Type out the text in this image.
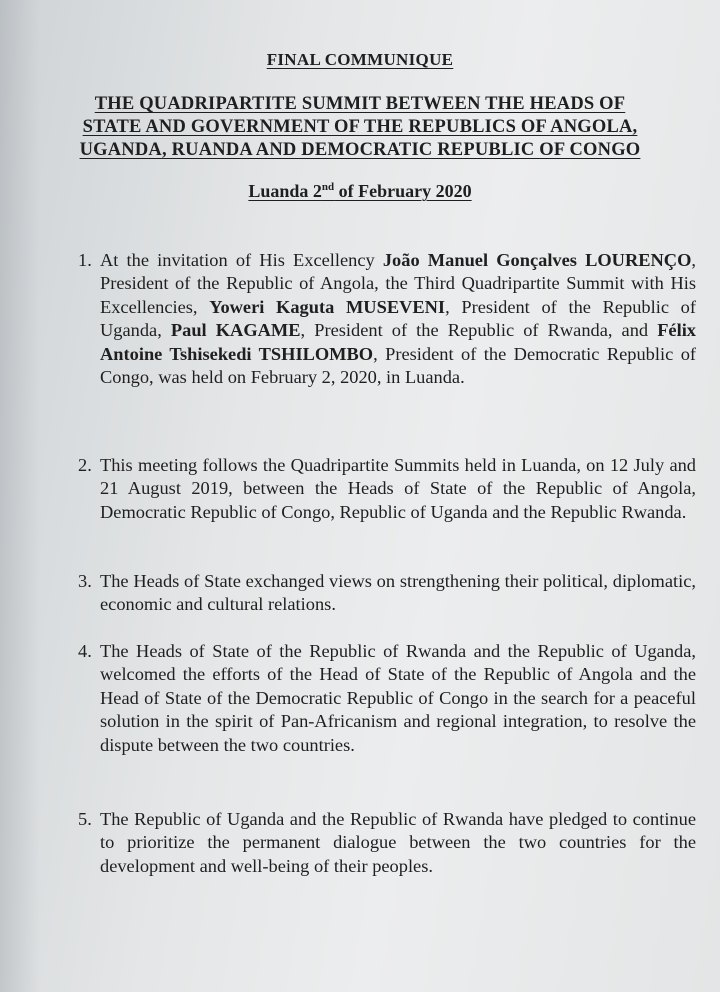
FINAL COMMUNIQUE
THE QUADRIPARTITE SUMMIT BETWEEN THE HEADS OF
STATE AND GOVERNMENT OF THE REPUBLICS OF ANGOLA,
UGANDA, RUANDA AND DEMOCRATIC REPUBLIC OF CONGO
Luanda 2nd of February 2020
1. At the invitation of His Excellency João Manuel Gonçalves LOURENÇO, President of the Republic of Angola, the Third Quadripartite Summit with His Excellencies, Yoweri Kaguta MUSEVENI, President of the Republic of Uganda, Paul KAGAME, President of the Republic of Rwanda, and Félix Antoine Tshisekedi TSHILOMBO, President of the Democratic Republic of Congo, was held on February 2, 2020, in Luanda.
2. This meeting follows the Quadripartite Summits held in Luanda, on 12 July and 21 August 2019, between the Heads of State of the Republic of Angola, Democratic Republic of Congo, Republic of Uganda and the Republic Rwanda.
3. The Heads of State exchanged views on strengthening their political, diplomatic, economic and cultural relations.
4. The Heads of State of the Republic of Rwanda and the Republic of Uganda, welcomed the efforts of the Head of State of the Republic of Angola and the Head of State of the Democratic Republic of Congo in the search for a peaceful solution in the spirit of Pan-Africanism and regional integration, to resolve the dispute between the two countries.
5. The Republic of Uganda and the Republic of Rwanda have pledged to continue to prioritize the permanent dialogue between the two countries for the development and well-being of their peoples.
